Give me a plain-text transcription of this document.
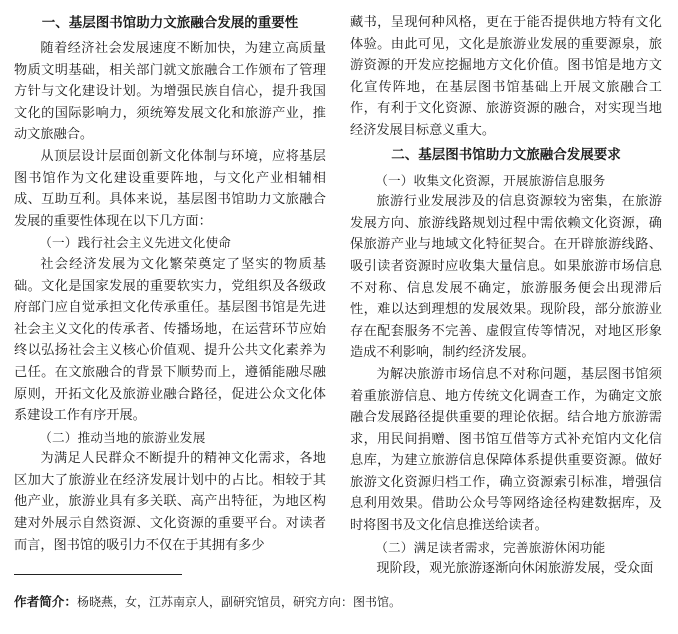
一、基层图书馆助力文旅融合发展的重要性

随着经济社会发展速度不断加快，为建立高质量物质文明基础，相关部门就文旅融合工作颁布了管理方针与文化建设计划。为增强民族自信心，提升我国文化的国际影响力，须统筹发展文化和旅游产业，推动文旅融合。

从顶层设计层面创新文化体制与环境，应将基层图书馆作为文化建设重要阵地，与文化产业相辅相成、互助互利。具体来说，基层图书馆助力文旅融合发展的重要性体现在以下几方面：

（一）践行社会主义先进文化使命

社会经济发展为文化繁荣奠定了坚实的物质基础。文化是国家发展的重要软实力，党组织及各级政府部门应自觉承担文化传承重任。基层图书馆是先进社会主义文化的传承者、传播场地，在运营环节应始终以弘扬社会主义核心价值观、提升公共文化素养为己任。在文旅融合的背景下顺势而上，遵循能融尽融原则，开拓文化及旅游业融合路径，促进公众文化体系建设工作有序开展。

（二）推动当地的旅游业发展

为满足人民群众不断提升的精神文化需求，各地区加大了旅游业在经济发展计划中的占比。相较于其他产业，旅游业具有多关联、高产出特征，为地区构建对外展示自然资源、文化资源的重要平台。对读者而言，图书馆的吸引力不仅在于其拥有多少

藏书，呈现何种风格，更在于能否提供地方特有文化体验。由此可见，文化是旅游业发展的重要源泉，旅游资源的开发应挖掘地方文化价值。图书馆是地方文化宣传阵地，在基层图书馆基础上开展文旅融合工作，有利于文化资源、旅游资源的融合，对实现当地经济发展目标意义重大。

二、基层图书馆助力文旅融合发展要求

（一）收集文化资源，开展旅游信息服务

旅游行业发展涉及的信息资源较为密集，在旅游发展方向、旅游线路规划过程中需依赖文化资源，确保旅游产业与地域文化特征契合。在开辟旅游线路、吸引读者资源时应收集大量信息。如果旅游市场信息不对称、信息发展不确定，旅游服务便会出现滞后性，难以达到理想的发展效果。现阶段，部分旅游业存在配套服务不完善、虚假宣传等情况，对地区形象造成不利影响，制约经济发展。

为解决旅游市场信息不对称问题，基层图书馆须着重旅游信息、地方传统文化调查工作，为确定文旅融合发展路径提供重要的理论依据。结合地方旅游需求，用民间捐赠、图书馆互借等方式补充馆内文化信息库，为建立旅游信息保障体系提供重要资源。做好旅游文化资源归档工作，确立资源索引标准，增强信息利用效果。借助公众号等网络途径构建数据库，及时将图书及文化信息推送给读者。

（二）满足读者需求，完善旅游休闲功能

现阶段，观光旅游逐渐向休闲旅游发展，受众面

作者简介：杨晓燕，女，江苏南京人，副研究馆员，研究方向：图书馆。
